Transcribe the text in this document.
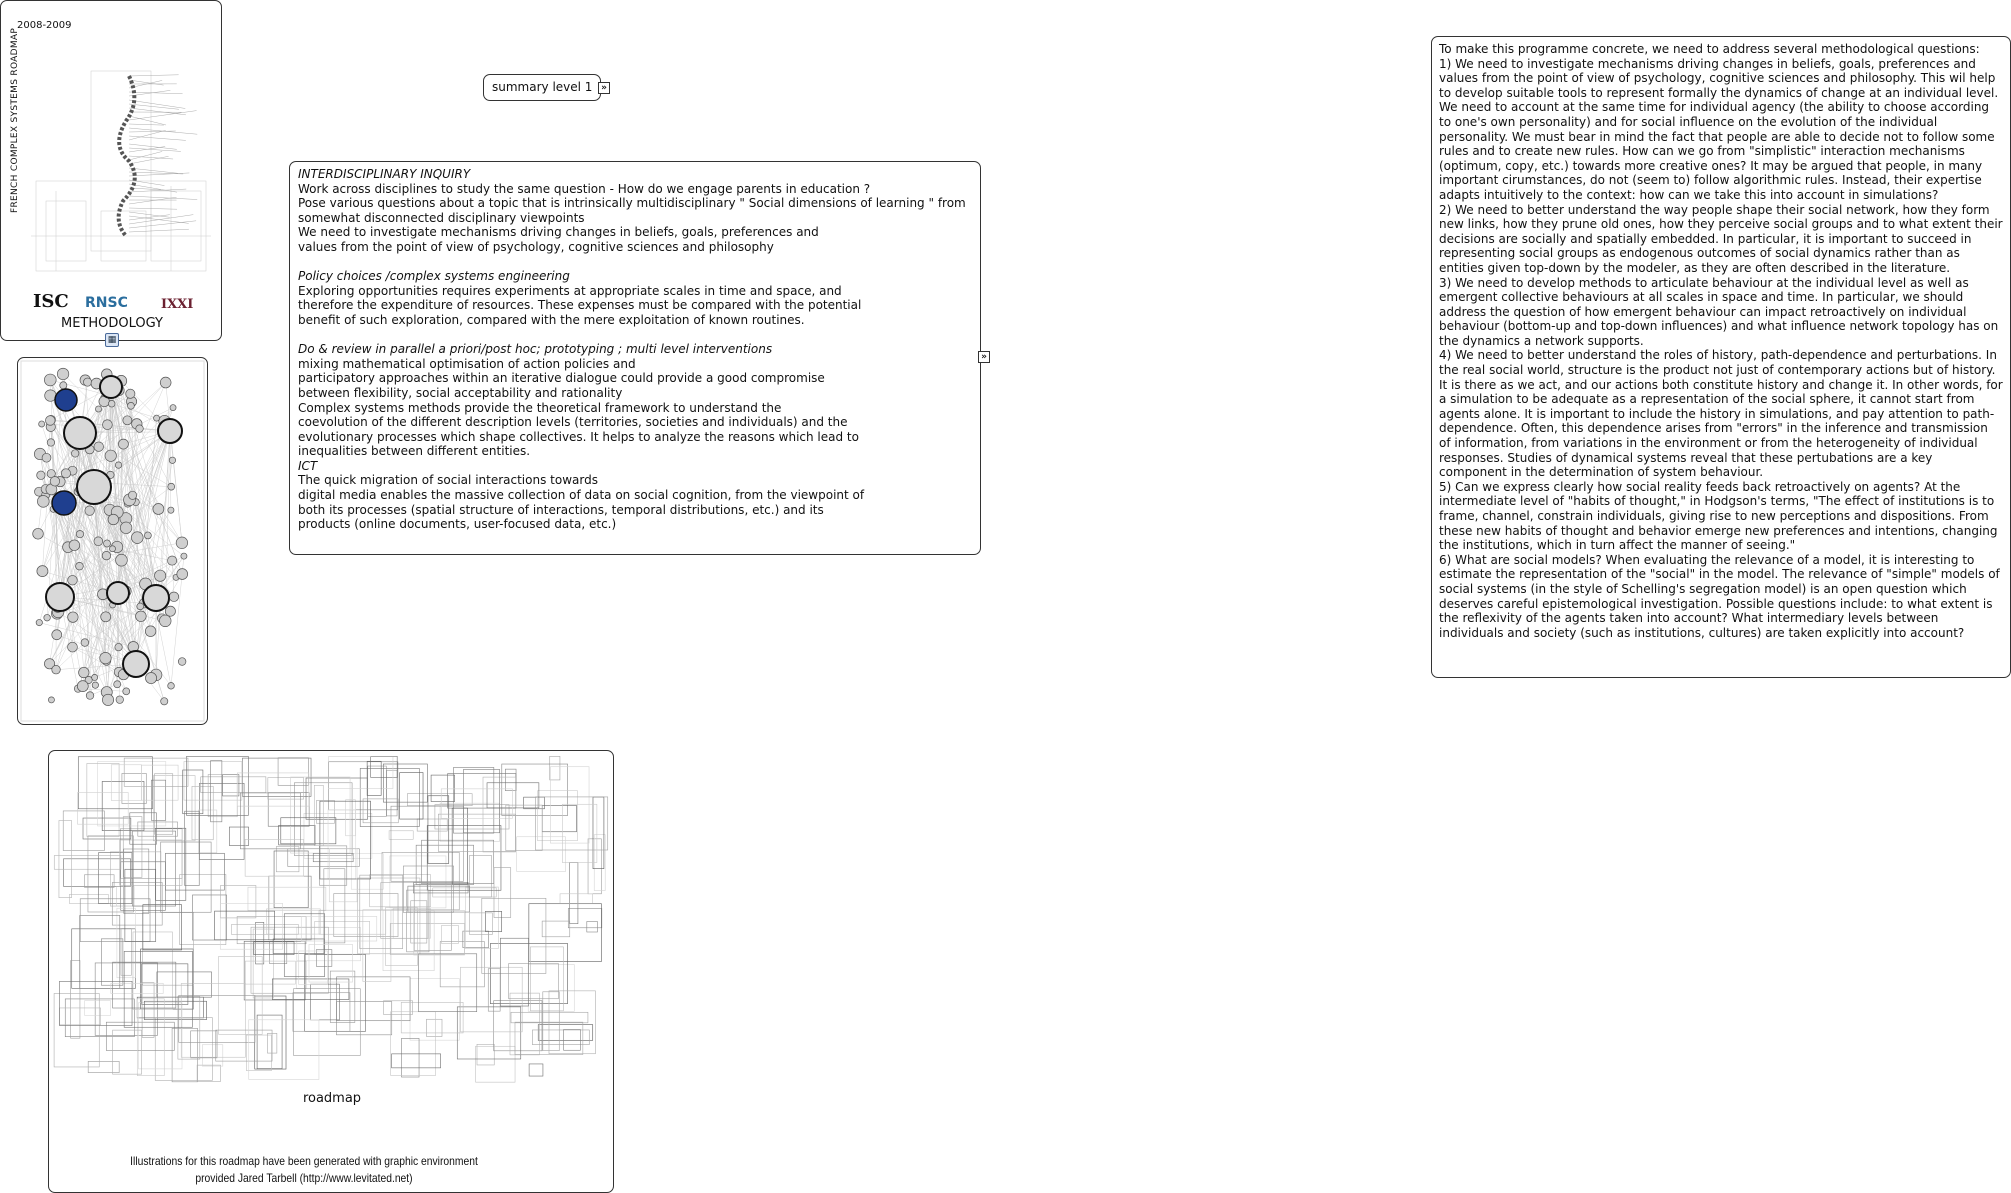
2008-2009
FRENCH COMPLEX SYSTEMS ROADMAP
ISC RNSC	IXXI
METHODOLOGY
▦
roadmap
Illustrations for this roadmap have been generated with graphic environment
provided Jared Tarbell (http://www.levitated.net)
summary level 1 »

INTERDISCIPLINARY INQUIRY

Work across disciplines to study the same question - How do we engage parents in education ?
Pose various questions about a topic that is intrinsically multidisciplinary " Social dimensions of learning " from somewhat disconnected disciplinary viewpoints
We need to investigate mechanisms driving changes in beliefs, goals, preferences and
values from the point of view of psychology, cognitive sciences and philosophy

Policy choices /complex systems engineering

Exploring opportunities requires experiments at appropriate scales in time and space, and
therefore the expenditure of resources. These expenses must be compared with the potential
benefit of such exploration, compared with the mere exploitation of known routines.

Do & review in parallel a priori/post hoc; prototyping ; multi level interventions

mixing mathematical optimisation of action policies and
participatory approaches within an iterative dialogue could provide a good compromise
between flexibility, social acceptability and rationality
Complex systems methods provide the theoretical framework to understand the
coevolution of the different description levels (territories, societies and individuals) and the
evolutionary processes which shape collectives. It helps to analyze the reasons which lead to
inequalities between different entities.

ICT

The quick migration of social interactions towards
digital media enables the massive collection of data on social cognition, from the viewpoint of
both its processes (spatial structure of interactions, temporal distributions, etc.) and its
products (online documents, user-focused data, etc.)

»

To make this programme concrete, we need to address several methodological questions:

1) We need to investigate mechanisms driving changes in beliefs, goals, preferences and values from the point of view of psychology, cognitive sciences and philosophy. This wil help to develop suitable tools to represent formally the dynamics of change at an individual level. We need to account at the same time for individual agency (the ability to choose according to one's own personality) and for social influence on the evolution of the individual personality. We must bear in mind the fact that people are able to decide not to follow some rules and to create new rules. How can we go from "simplistic" interaction mechanisms (optimum, copy, etc.) towards more creative ones? It may be argued that people, in many important cirumstances, do not (seem to) follow algorithmic rules. Instead, their expertise adapts intuitively to the context: how can we take this into account in simulations?

2) We need to better understand the way people shape their social network, how they form new links, how they prune old ones, how they perceive social groups and to what extent their decisions are socially and spatially embedded. In particular, it is important to succeed in representing social groups as endogenous outcomes of social dynamics rather than as entities given top-down by the modeler, as they are often described in the literature.

3) We need to develop methods to articulate behaviour at the individual level as well as emergent collective behaviours at all scales in space and time. In particular, we should address the question of how emergent behaviour can impact retroactively on individual behaviour (bottom-up and top-down influences) and what influence network topology has on the dynamics a network supports.

4) We need to better understand the roles of history, path-dependence and perturbations. In the real social world, structure is the product not just of contemporary actions but of history. It is there as we act, and our actions both constitute history and change it. In other words, for a simulation to be adequate as a representation of the social sphere, it cannot start from agents alone. It is important to include the history in simulations, and pay attention to path-dependence. Often, this dependence arises from "errors" in the inference and transmission of information, from variations in the environment or from the heterogeneity of individual responses. Studies of dynamical systems reveal that these pertubations are a key component in the determination of system behaviour.

5) Can we express clearly how social reality feeds back retroactively on agents? At the intermediate level of "habits of thought," in Hodgson's terms, "The effect of institutions is to frame, channel, constrain individuals, giving rise to new perceptions and dispositions. From these new habits of thought and behavior emerge new preferences and intentions, changing the institutions, which in turn affect the manner of seeing."

6) What are social models? When evaluating the relevance of a model, it is interesting to estimate the representation of the "social" in the model. The relevance of "simple" models of social systems (in the style of Schelling's segregation model) is an open question which deserves careful epistemological investigation. Possible questions include: to what extent is the reflexivity of the agents taken into account? What intermediary levels between individuals and society (such as institutions, cultures) are taken explicitly into account?
